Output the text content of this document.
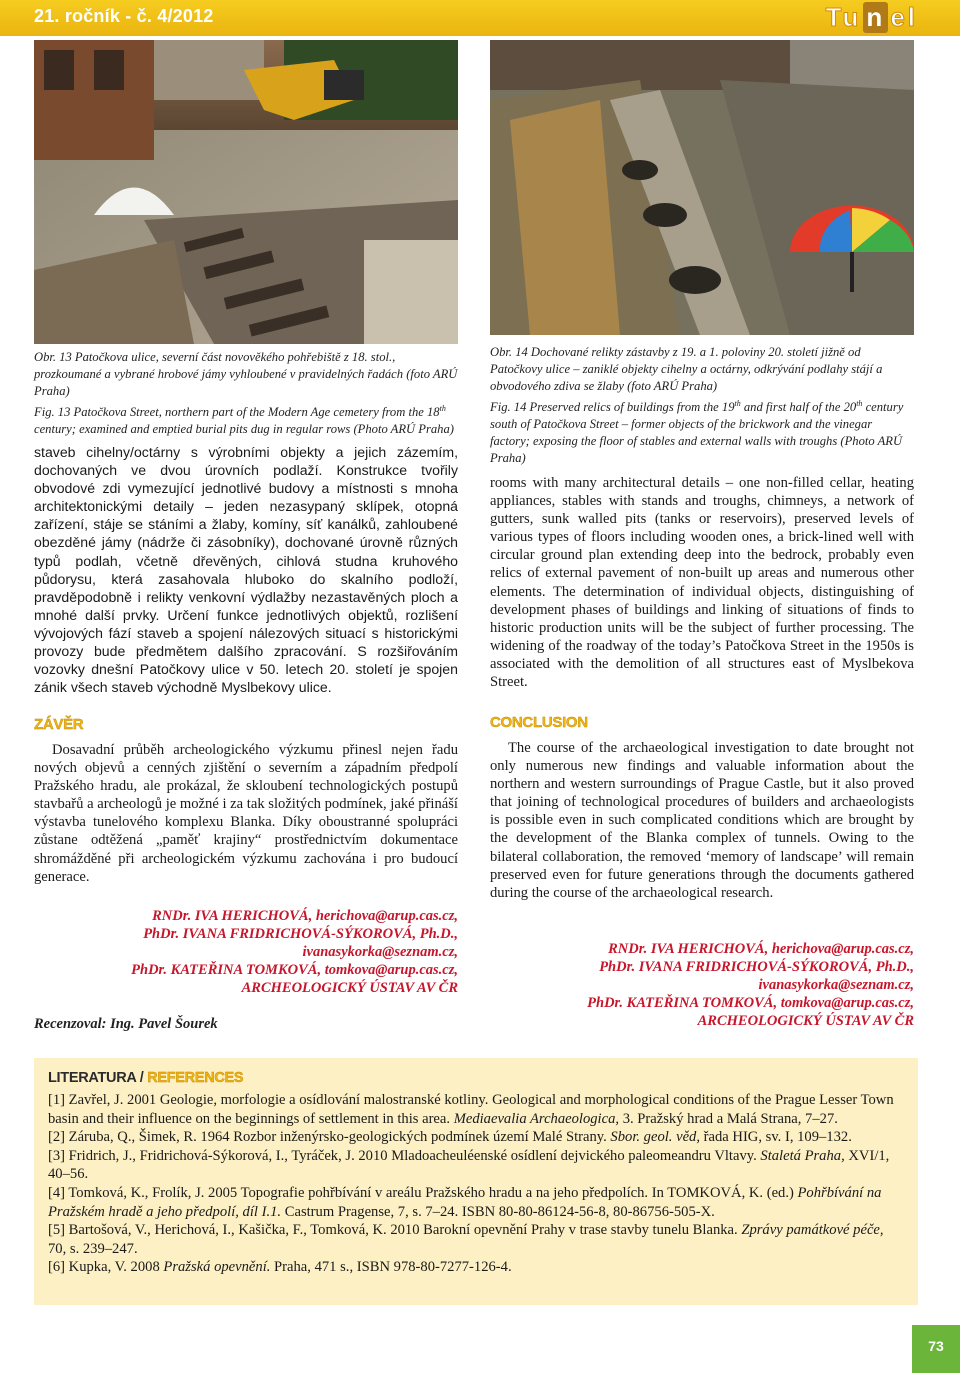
21. ročník - č. 4/2012	Tu n el

Obr. 13 Patočkova ulice, severní část novověkého pohřebiště z 18. stol., prozkoumané a vybrané hrobové jámy vyhloubené v pravidelných řadách (foto ARÚ Praha)

Fig. 13 Patočkova Street, northern part of the Modern Age cemetery from the 18th century; examined and emptied burial pits dug in regular rows (Photo ARÚ Praha)

Obr. 14 Dochované relikty zástavby z 19. a 1. poloviny 20. století jižně od Patočkovy ulice – zaniklé objekty cihelny a octárny, odkrývání podlahy stájí a obvodového zdiva se žlaby (foto ARÚ Praha)

Fig. 14 Preserved relics of buildings from the 19th and first half of the 20th century south of Patočkova Street – former objects of the brickwork and the vinegar factory; exposing the floor of stables and external walls with troughs (Photo ARÚ Praha)

staveb cihelny/octárny s výrobními objekty a jejich zázemím, dochovaných ve dvou úrovních podlaží. Konstrukce tvořily obvodové zdi vymezující jednotlivé budovy a místnosti s mnoha architektonickými detaily – jeden nezasypaný sklípek, otopná zařízení, stáje se stáními a žlaby, komíny, síť kanálků, zahloubené obezděné jámy (nádrže či zásobníky), dochované úrovně různých typů podlah, včetně dřevěných, cihlová studna kruhového půdorysu, která zasahovala hluboko do skalního podloží, pravděpodobně i relikty venkovní výdlažby nezastavěných ploch a mnohé další prvky. Určení funkce jednotlivých objektů, rozlišení vývojových fází staveb a spojení nálezových situací s historickými provozy bude předmětem dalšího zpracování. S rozšiřováním vozovky dnešní Patočkovy ulice v 50. letech 20. století je spojen zánik všech staveb východně Myslbekovy ulice.

ZÁVĚR

Dosavadní průběh archeologického výzkumu přinesl nejen řadu nových objevů a cenných zjištění o severním a západním předpolí Pražského hradu, ale prokázal, že skloubení technologických postupů stavbařů a archeologů je možné i za tak složitých podmínek, jaké přináší výstavba tunelového komplexu Blanka. Díky oboustranné spolupráci zůstane odtěžená „paměť krajiny“ prostřednictvím dokumentace shromážděné při archeologickém výzkumu zachována i pro budoucí generace.

RNDr. IVA HERICHOVÁ, herichova@arup.cas.cz,
PhDr. IVANA FRIDRICHOVÁ-SÝKOROVÁ, Ph.D.,
ivanasykorka@seznam.cz,
PhDr. KATEŘINA TOMKOVÁ, tomkova@arup.cas.cz,
ARCHEOLOGICKÝ ÚSTAV AV ČR
Recenzoval: Ing. Pavel Šourek

rooms with many architectural details – one non-filled cellar, heating appliances, stables with stands and troughs, chimneys, a network of gutters, sunk walled pits (tanks or reservoirs), preserved levels of various types of floors including wooden ones, a brick-lined well with circular ground plan extending deep into the bedrock, probably even relics of external pavement of non-built up areas and numerous other elements. The determination of individual objects, distinguishing of development phases of buildings and linking of situations of finds to historic production units will be the subject of further processing. The widening of the roadway of the today’s Patočkova Street in the 1950s is associated with the demolition of all structures east of Myslbekova Street.

CONCLUSION

The course of the archaeological investigation to date brought not only numerous new findings and valuable information about the northern and western surroundings of Prague Castle, but it also proved that joining of technological procedures of builders and archaeologists is possible even in such complicated conditions which are brought by the development of the Blanka complex of tunnels. Owing to the bilateral collaboration, the removed ‘memory of landscape’ will remain preserved even for future generations through the documents gathered during the course of the archaeological research.

RNDr. IVA HERICHOVÁ, herichova@arup.cas.cz,
PhDr. IVANA FRIDRICHOVÁ-SÝKOROVÁ, Ph.D.,
ivanasykorka@seznam.cz,
PhDr. KATEŘINA TOMKOVÁ, tomkova@arup.cas.cz,
ARCHEOLOGICKÝ ÚSTAV AV ČR
LITERATURA / REFERENCES

[1] Zavřel, J. 2001 Geologie, morfologie a osídlování malostranské kotliny. Geological and morphological conditions of the Prague Lesser Town basin and their influence on the beginnings of settlement in this area. Mediaevalia Archaeologica, 3. Pražský hrad a Malá Strana, 7–27.

[2] Záruba, Q., Šimek, R. 1964 Rozbor inženýrsko-geologických podmínek území Malé Strany. Sbor. geol. věd, řada HIG, sv. I, 109–132.

[3] Fridrich, J., Fridrichová-Sýkorová, I., Tyráček, J. 2010 Mladoacheuléenské osídlení dejvického paleomeandru Vltavy. Staletá Praha, XVI/1, 40–56.

[4] Tomková, K., Frolík, J. 2005 Topografie pohřbívání v areálu Pražského hradu a na jeho předpolích. In TOMKOVÁ, K. (ed.) Pohřbívání na Pražském hradě a jeho předpolí, díl I.1. Castrum Pragense, 7, s. 7–24. ISBN 80-80-86124-56-8, 80-86756-505-X.

[5] Bartošová, V., Herichová, I., Kašička, F., Tomková, K. 2010 Barokní opevnění Prahy v trase stavby tunelu Blanka. Zprávy památkové péče, 70, s. 239–247.

[6] Kupka, V. 2008 Pražská opevnění. Praha, 471 s., ISBN 978-80-7277-126-4.

73
